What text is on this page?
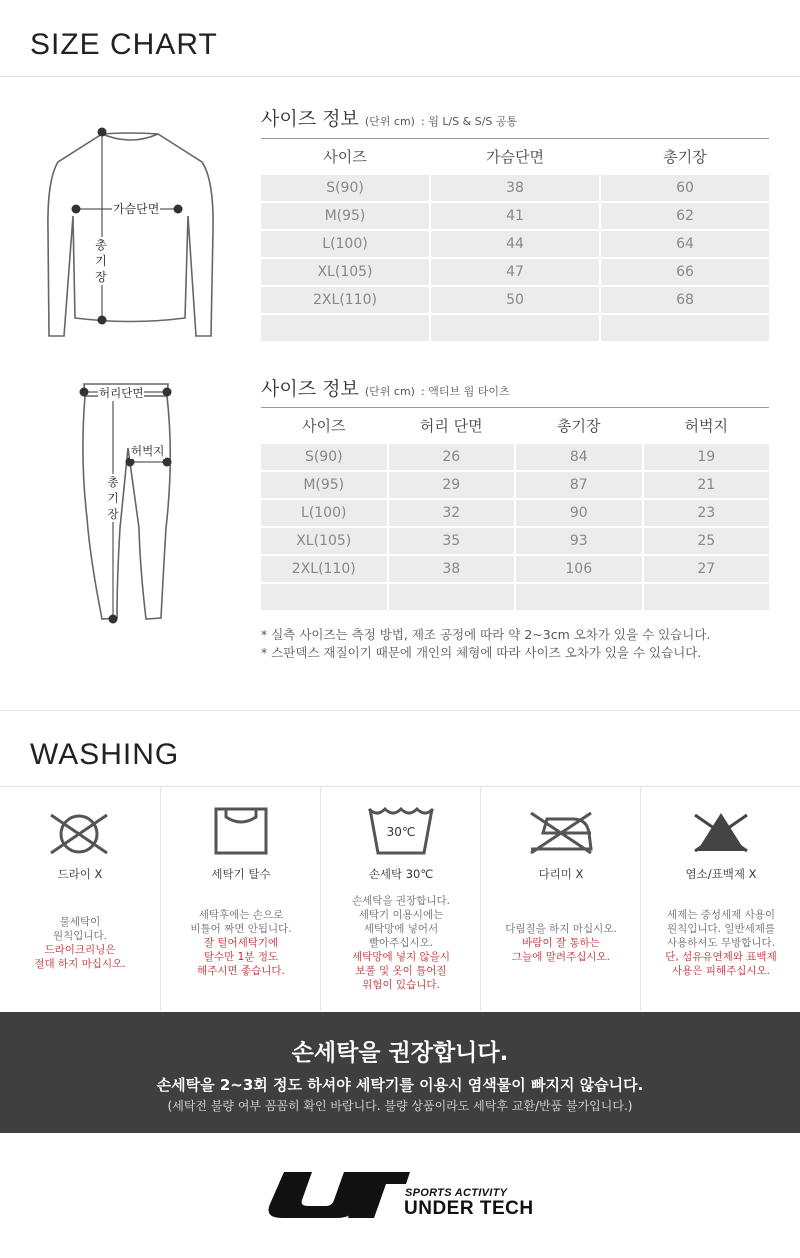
SIZE CHART
가슴단면
총
기
장
허리단면
허벅지
총
기
장
사이즈 정보 (단위 cm) : 웜 L/S & S/S 공통
사이즈	가슴단면	총기장
S(90)	38	60
M(95)	41	62
L(100)	44	64
XL(105)	47	66
2XL(110)	50	68
사이즈 정보 (단위 cm) : 액티브 웜 타이츠
사이즈	허리 단면	총기장	허벅지
S(90)	26	84	19
M(95)	29	87	21
L(100)	32	90	23
XL(105)	35	93	25
2XL(110)	38	106	27
* 실측 사이즈는 측정 방법, 제조 공정에 따라 약 2~3cm 오차가 있을 수 있습니다.
* 스판덱스 재질이기 때문에 개인의 체형에 따라 사이즈 오차가 있을 수 있습니다.
WASHING
드라이 X
물세탁이
원칙입니다.
드라이크리닝은
절대 하지 마십시오.
세탁기 탈수
세탁후에는 손으로
비틀어 짜면 안됩니다.
잘 털어세탁기에
탈수만 1분 정도
해주시면 좋습니다.
30℃
손세탁 30℃
손세탁을 권장합니다.
세탁기 이용시에는
세탁망에 넣어서
빨아주십시오.
세탁망에 넣지 않을시
보풀 및 옷이 틀어질
위험이 있습니다.
다리미 X
다림질을 하지 마십시오.
바람이 잘 통하는
그늘에 말려주십시오.
염소/표백제 X
세제는 중성세제 사용이
원칙입니다. 일반세제를
사용하셔도 무방합니다.
단, 섬유유연제와 표백제
사용은 피해주십시오.
손세탁을 권장합니다.
손세탁을 2~3회 정도 하셔야 세탁기를 이용시 염색물이 빠지지 않습니다.
(세탁전 불량 여부 꼼꼼히 확인 바랍니다. 불량 상품이라도 세탁후 교환/반품 불가입니다.)
SPORTS ACTIVITY
UNDER TECH
